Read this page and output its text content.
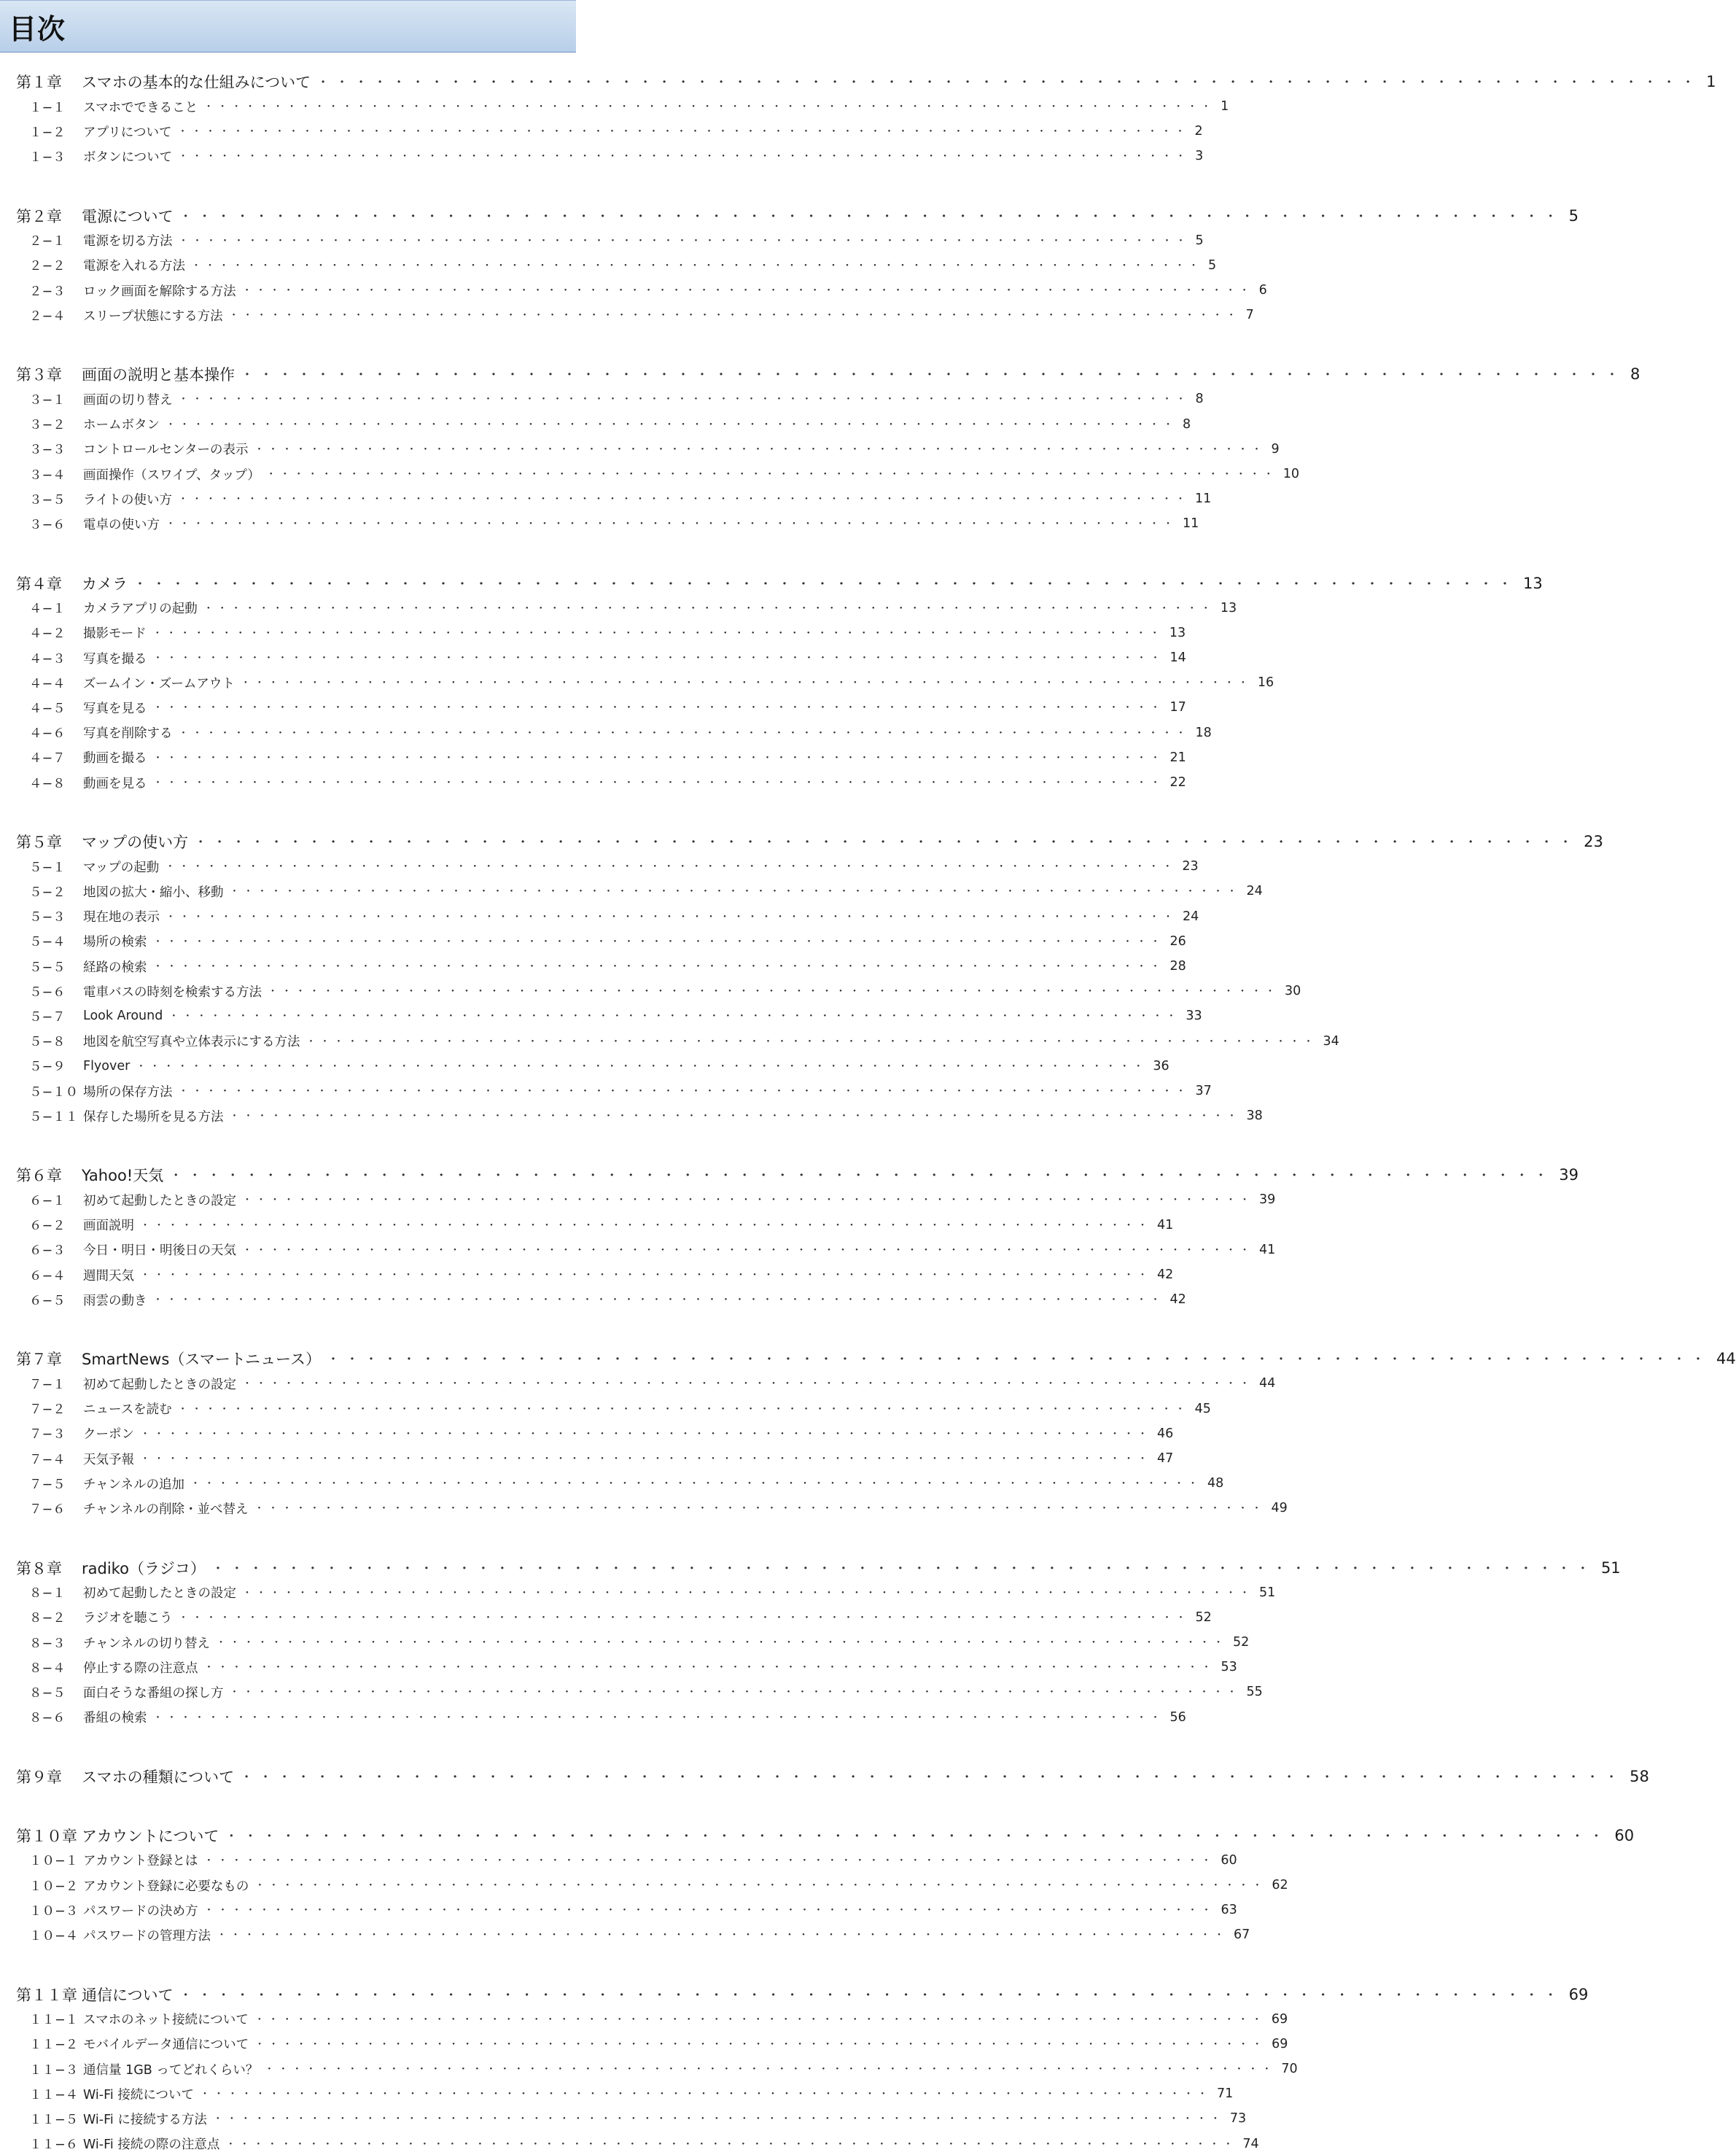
目次
第１章	スマホの基本的な仕組みについて ・・・・・・・・・・・・・・・・・・・・・・・・・・・・・・・・・・・・・・・・・・・・・・・・・・・・・・・・・・・・・・・・・・・・・・・・・ 1
１−１	スマホでできること ・・・・・・・・・・・・・・・・・・・・・・・・・・・・・・・・・・・・・・・・・・・・・・・・・・・・・・・・・・・・・・・・・・・・・・・・・ 1
１−２	アプリについて ・・・・・・・・・・・・・・・・・・・・・・・・・・・・・・・・・・・・・・・・・・・・・・・・・・・・・・・・・・・・・・・・・・・・・・・・・ 2
１−３	ボタンについて ・・・・・・・・・・・・・・・・・・・・・・・・・・・・・・・・・・・・・・・・・・・・・・・・・・・・・・・・・・・・・・・・・・・・・・・・・ 3
第２章	電源について ・・・・・・・・・・・・・・・・・・・・・・・・・・・・・・・・・・・・・・・・・・・・・・・・・・・・・・・・・・・・・・・・・・・・・・・・・ 5
２−１	電源を切る方法 ・・・・・・・・・・・・・・・・・・・・・・・・・・・・・・・・・・・・・・・・・・・・・・・・・・・・・・・・・・・・・・・・・・・・・・・・・ 5
２−２	電源を入れる方法 ・・・・・・・・・・・・・・・・・・・・・・・・・・・・・・・・・・・・・・・・・・・・・・・・・・・・・・・・・・・・・・・・・・・・・・・・・ 5
２−３	ロック画面を解除する方法 ・・・・・・・・・・・・・・・・・・・・・・・・・・・・・・・・・・・・・・・・・・・・・・・・・・・・・・・・・・・・・・・・・・・・・・・・・ 6
２−４	スリープ状態にする方法 ・・・・・・・・・・・・・・・・・・・・・・・・・・・・・・・・・・・・・・・・・・・・・・・・・・・・・・・・・・・・・・・・・・・・・・・・・ 7
第３章	画面の説明と基本操作 ・・・・・・・・・・・・・・・・・・・・・・・・・・・・・・・・・・・・・・・・・・・・・・・・・・・・・・・・・・・・・・・・・・・・・・・・・ 8
３−１	画面の切り替え ・・・・・・・・・・・・・・・・・・・・・・・・・・・・・・・・・・・・・・・・・・・・・・・・・・・・・・・・・・・・・・・・・・・・・・・・・ 8
３−２	ホームボタン ・・・・・・・・・・・・・・・・・・・・・・・・・・・・・・・・・・・・・・・・・・・・・・・・・・・・・・・・・・・・・・・・・・・・・・・・・ 8
３−３	コントロールセンターの表示 ・・・・・・・・・・・・・・・・・・・・・・・・・・・・・・・・・・・・・・・・・・・・・・・・・・・・・・・・・・・・・・・・・・・・・・・・・ 9
３−４	画面操作（スワイプ、タップ） ・・・・・・・・・・・・・・・・・・・・・・・・・・・・・・・・・・・・・・・・・・・・・・・・・・・・・・・・・・・・・・・・・・・・・・・・・ 10
３−５	ライトの使い方 ・・・・・・・・・・・・・・・・・・・・・・・・・・・・・・・・・・・・・・・・・・・・・・・・・・・・・・・・・・・・・・・・・・・・・・・・・ 11
３−６	電卓の使い方 ・・・・・・・・・・・・・・・・・・・・・・・・・・・・・・・・・・・・・・・・・・・・・・・・・・・・・・・・・・・・・・・・・・・・・・・・・ 11
第４章	カメラ ・・・・・・・・・・・・・・・・・・・・・・・・・・・・・・・・・・・・・・・・・・・・・・・・・・・・・・・・・・・・・・・・・・・・・・・・・ 13
４−１	カメラアプリの起動 ・・・・・・・・・・・・・・・・・・・・・・・・・・・・・・・・・・・・・・・・・・・・・・・・・・・・・・・・・・・・・・・・・・・・・・・・・ 13
４−２	撮影モード ・・・・・・・・・・・・・・・・・・・・・・・・・・・・・・・・・・・・・・・・・・・・・・・・・・・・・・・・・・・・・・・・・・・・・・・・・ 13
４−３	写真を撮る ・・・・・・・・・・・・・・・・・・・・・・・・・・・・・・・・・・・・・・・・・・・・・・・・・・・・・・・・・・・・・・・・・・・・・・・・・ 14
４−４	ズームイン・ズームアウト ・・・・・・・・・・・・・・・・・・・・・・・・・・・・・・・・・・・・・・・・・・・・・・・・・・・・・・・・・・・・・・・・・・・・・・・・・ 16
４−５	写真を見る ・・・・・・・・・・・・・・・・・・・・・・・・・・・・・・・・・・・・・・・・・・・・・・・・・・・・・・・・・・・・・・・・・・・・・・・・・ 17
４−６	写真を削除する ・・・・・・・・・・・・・・・・・・・・・・・・・・・・・・・・・・・・・・・・・・・・・・・・・・・・・・・・・・・・・・・・・・・・・・・・・ 18
４−７	動画を撮る ・・・・・・・・・・・・・・・・・・・・・・・・・・・・・・・・・・・・・・・・・・・・・・・・・・・・・・・・・・・・・・・・・・・・・・・・・ 21
４−８	動画を見る ・・・・・・・・・・・・・・・・・・・・・・・・・・・・・・・・・・・・・・・・・・・・・・・・・・・・・・・・・・・・・・・・・・・・・・・・・ 22
第５章	マップの使い方 ・・・・・・・・・・・・・・・・・・・・・・・・・・・・・・・・・・・・・・・・・・・・・・・・・・・・・・・・・・・・・・・・・・・・・・・・・ 23
５−１	マップの起動 ・・・・・・・・・・・・・・・・・・・・・・・・・・・・・・・・・・・・・・・・・・・・・・・・・・・・・・・・・・・・・・・・・・・・・・・・・ 23
５−２	地図の拡大・縮小、移動 ・・・・・・・・・・・・・・・・・・・・・・・・・・・・・・・・・・・・・・・・・・・・・・・・・・・・・・・・・・・・・・・・・・・・・・・・・ 24
５−３	現在地の表示 ・・・・・・・・・・・・・・・・・・・・・・・・・・・・・・・・・・・・・・・・・・・・・・・・・・・・・・・・・・・・・・・・・・・・・・・・・ 24
５−４	場所の検索 ・・・・・・・・・・・・・・・・・・・・・・・・・・・・・・・・・・・・・・・・・・・・・・・・・・・・・・・・・・・・・・・・・・・・・・・・・ 26
５−５	経路の検索 ・・・・・・・・・・・・・・・・・・・・・・・・・・・・・・・・・・・・・・・・・・・・・・・・・・・・・・・・・・・・・・・・・・・・・・・・・ 28
５−６	電車バスの時刻を検索する方法 ・・・・・・・・・・・・・・・・・・・・・・・・・・・・・・・・・・・・・・・・・・・・・・・・・・・・・・・・・・・・・・・・・・・・・・・・・ 30
５−７	Look Around ・・・・・・・・・・・・・・・・・・・・・・・・・・・・・・・・・・・・・・・・・・・・・・・・・・・・・・・・・・・・・・・・・・・・・・・・・ 33
５−８	地図を航空写真や立体表示にする方法 ・・・・・・・・・・・・・・・・・・・・・・・・・・・・・・・・・・・・・・・・・・・・・・・・・・・・・・・・・・・・・・・・・・・・・・・・・ 34
５−９	Flyover ・・・・・・・・・・・・・・・・・・・・・・・・・・・・・・・・・・・・・・・・・・・・・・・・・・・・・・・・・・・・・・・・・・・・・・・・・ 36
５−１０ 場所の保存方法 ・・・・・・・・・・・・・・・・・・・・・・・・・・・・・・・・・・・・・・・・・・・・・・・・・・・・・・・・・・・・・・・・・・・・・・・・・ 37
５−１１ 保存した場所を見る方法 ・・・・・・・・・・・・・・・・・・・・・・・・・・・・・・・・・・・・・・・・・・・・・・・・・・・・・・・・・・・・・・・・・・・・・・・・・ 38
第６章	Yahoo!天気 ・・・・・・・・・・・・・・・・・・・・・・・・・・・・・・・・・・・・・・・・・・・・・・・・・・・・・・・・・・・・・・・・・・・・・・・・・ 39
６−１	初めて起動したときの設定 ・・・・・・・・・・・・・・・・・・・・・・・・・・・・・・・・・・・・・・・・・・・・・・・・・・・・・・・・・・・・・・・・・・・・・・・・・ 39
６−２	画面説明 ・・・・・・・・・・・・・・・・・・・・・・・・・・・・・・・・・・・・・・・・・・・・・・・・・・・・・・・・・・・・・・・・・・・・・・・・・ 41
６−３	今日・明日・明後日の天気 ・・・・・・・・・・・・・・・・・・・・・・・・・・・・・・・・・・・・・・・・・・・・・・・・・・・・・・・・・・・・・・・・・・・・・・・・・ 41
６−４	週間天気 ・・・・・・・・・・・・・・・・・・・・・・・・・・・・・・・・・・・・・・・・・・・・・・・・・・・・・・・・・・・・・・・・・・・・・・・・・ 42
６−５	雨雲の動き ・・・・・・・・・・・・・・・・・・・・・・・・・・・・・・・・・・・・・・・・・・・・・・・・・・・・・・・・・・・・・・・・・・・・・・・・・ 42
第７章	SmartNews（スマートニュース） ・・・・・・・・・・・・・・・・・・・・・・・・・・・・・・・・・・・・・・・・・・・・・・・・・・・・・・・・・・・・・・・・・・・・・・・・・ 44
７−１	初めて起動したときの設定 ・・・・・・・・・・・・・・・・・・・・・・・・・・・・・・・・・・・・・・・・・・・・・・・・・・・・・・・・・・・・・・・・・・・・・・・・・ 44
７−２	ニュースを読む ・・・・・・・・・・・・・・・・・・・・・・・・・・・・・・・・・・・・・・・・・・・・・・・・・・・・・・・・・・・・・・・・・・・・・・・・・ 45
７−３	クーポン ・・・・・・・・・・・・・・・・・・・・・・・・・・・・・・・・・・・・・・・・・・・・・・・・・・・・・・・・・・・・・・・・・・・・・・・・・ 46
７−４	天気予報 ・・・・・・・・・・・・・・・・・・・・・・・・・・・・・・・・・・・・・・・・・・・・・・・・・・・・・・・・・・・・・・・・・・・・・・・・・ 47
７−５	チャンネルの追加 ・・・・・・・・・・・・・・・・・・・・・・・・・・・・・・・・・・・・・・・・・・・・・・・・・・・・・・・・・・・・・・・・・・・・・・・・・ 48
７−６	チャンネルの削除・並べ替え ・・・・・・・・・・・・・・・・・・・・・・・・・・・・・・・・・・・・・・・・・・・・・・・・・・・・・・・・・・・・・・・・・・・・・・・・・ 49
第８章	radiko（ラジコ） ・・・・・・・・・・・・・・・・・・・・・・・・・・・・・・・・・・・・・・・・・・・・・・・・・・・・・・・・・・・・・・・・・・・・・・・・・ 51
８−１	初めて起動したときの設定 ・・・・・・・・・・・・・・・・・・・・・・・・・・・・・・・・・・・・・・・・・・・・・・・・・・・・・・・・・・・・・・・・・・・・・・・・・ 51
８−２	ラジオを聴こう ・・・・・・・・・・・・・・・・・・・・・・・・・・・・・・・・・・・・・・・・・・・・・・・・・・・・・・・・・・・・・・・・・・・・・・・・・ 52
８−３	チャンネルの切り替え ・・・・・・・・・・・・・・・・・・・・・・・・・・・・・・・・・・・・・・・・・・・・・・・・・・・・・・・・・・・・・・・・・・・・・・・・・ 52
８−４	停止する際の注意点 ・・・・・・・・・・・・・・・・・・・・・・・・・・・・・・・・・・・・・・・・・・・・・・・・・・・・・・・・・・・・・・・・・・・・・・・・・ 53
８−５	面白そうな番組の探し方 ・・・・・・・・・・・・・・・・・・・・・・・・・・・・・・・・・・・・・・・・・・・・・・・・・・・・・・・・・・・・・・・・・・・・・・・・・ 55
８−６	番組の検索 ・・・・・・・・・・・・・・・・・・・・・・・・・・・・・・・・・・・・・・・・・・・・・・・・・・・・・・・・・・・・・・・・・・・・・・・・・ 56
第９章	スマホの種類について ・・・・・・・・・・・・・・・・・・・・・・・・・・・・・・・・・・・・・・・・・・・・・・・・・・・・・・・・・・・・・・・・・・・・・・・・・ 58
第１０章 アカウントについて ・・・・・・・・・・・・・・・・・・・・・・・・・・・・・・・・・・・・・・・・・・・・・・・・・・・・・・・・・・・・・・・・・・・・・・・・・ 60
１０−１ アカウント登録とは ・・・・・・・・・・・・・・・・・・・・・・・・・・・・・・・・・・・・・・・・・・・・・・・・・・・・・・・・・・・・・・・・・・・・・・・・・ 60
１０−２ アカウント登録に必要なもの ・・・・・・・・・・・・・・・・・・・・・・・・・・・・・・・・・・・・・・・・・・・・・・・・・・・・・・・・・・・・・・・・・・・・・・・・・ 62
１０−３ パスワードの決め方 ・・・・・・・・・・・・・・・・・・・・・・・・・・・・・・・・・・・・・・・・・・・・・・・・・・・・・・・・・・・・・・・・・・・・・・・・・ 63
１０−４ パスワードの管理方法 ・・・・・・・・・・・・・・・・・・・・・・・・・・・・・・・・・・・・・・・・・・・・・・・・・・・・・・・・・・・・・・・・・・・・・・・・・ 67
第１１章 通信について ・・・・・・・・・・・・・・・・・・・・・・・・・・・・・・・・・・・・・・・・・・・・・・・・・・・・・・・・・・・・・・・・・・・・・・・・・ 69
１１−１ スマホのネット接続について ・・・・・・・・・・・・・・・・・・・・・・・・・・・・・・・・・・・・・・・・・・・・・・・・・・・・・・・・・・・・・・・・・・・・・・・・・ 69
１１−２ モバイルデータ通信について ・・・・・・・・・・・・・・・・・・・・・・・・・・・・・・・・・・・・・・・・・・・・・・・・・・・・・・・・・・・・・・・・・・・・・・・・・ 69
１１−３ 通信量 1GB ってどれくらい？ ・・・・・・・・・・・・・・・・・・・・・・・・・・・・・・・・・・・・・・・・・・・・・・・・・・・・・・・・・・・・・・・・・・・・・・・・・ 70
１１−４ Wi-Fi 接続について ・・・・・・・・・・・・・・・・・・・・・・・・・・・・・・・・・・・・・・・・・・・・・・・・・・・・・・・・・・・・・・・・・・・・・・・・・ 71
１１−５ Wi-Fi に接続する方法 ・・・・・・・・・・・・・・・・・・・・・・・・・・・・・・・・・・・・・・・・・・・・・・・・・・・・・・・・・・・・・・・・・・・・・・・・・ 73
１１−６ Wi-Fi 接続の際の注意点 ・・・・・・・・・・・・・・・・・・・・・・・・・・・・・・・・・・・・・・・・・・・・・・・・・・・・・・・・・・・・・・・・・・・・・・・・・ 74
